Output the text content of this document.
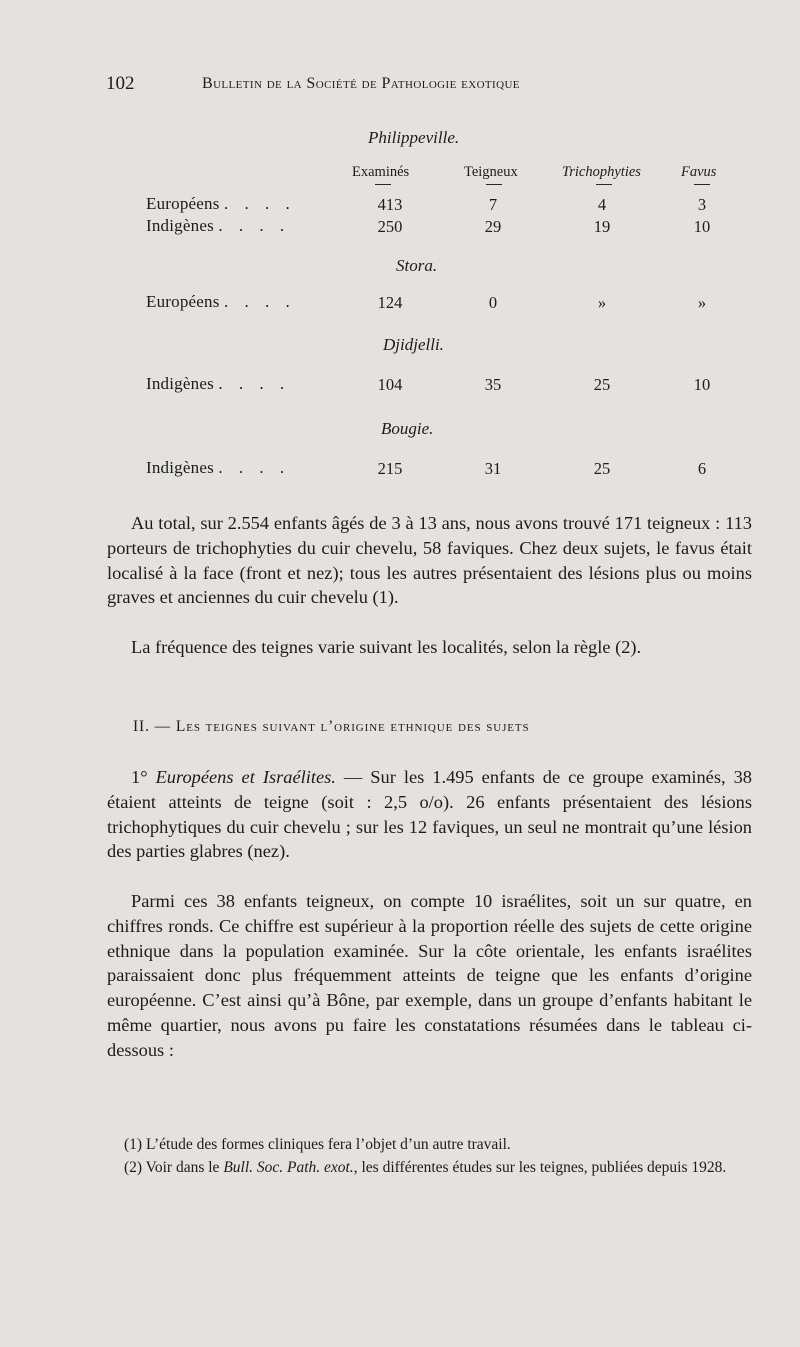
102	Bulletin de la Société de Pathologie exotique
Philippeville.
Examinés	Teigneux	Trichophyties	Favus
Européens . . . .	413	7	4	3
Indigènes . . . .	250	29	19	10
Stora.
Européens . . . .	124	0	»	»
Djidjelli.
Indigènes . . . .	104	35	25	10
Bougie.
Indigènes . . . .	215	31	25	6

Au total, sur 2.554 enfants âgés de 3 à 13 ans, nous avons trouvé 171 teigneux : 113 porteurs de trichophyties du cuir chevelu, 58 faviques. Chez deux sujets, le favus était localisé à la face (front et nez); tous les autres présentaient des lésions plus ou moins graves et anciennes du cuir chevelu (1).

La fréquence des teignes varie suivant les localités, selon la règle (2).

II. — Les teignes suivant l’origine ethnique des sujets

1° Européens et Israélites. — Sur les 1.495 enfants de ce groupe examinés, 38 étaient atteints de teigne (soit : 2,5 o/o). 26 enfants présentaient des lésions trichophytiques du cuir chevelu ; sur les 12 faviques, un seul ne montrait qu’une lésion des parties glabres (nez).

Parmi ces 38 enfants teigneux, on compte 10 israélites, soit un sur quatre, en chiffres ronds. Ce chiffre est supérieur à la proportion réelle des sujets de cette origine ethnique dans la population examinée. Sur la côte orientale, les enfants israélites paraissaient donc plus fréquemment atteints de teigne que les enfants d’origine européenne. C’est ainsi qu’à Bône, par exemple, dans un groupe d’enfants habitant le même quartier, nous avons pu faire les constatations résumées dans le tableau ci-dessous :

(1) L’étude des formes cliniques fera l’objet d’un autre travail.

(2) Voir dans le Bull. Soc. Path. exot., les différentes études sur les teignes, publiées depuis 1928.
